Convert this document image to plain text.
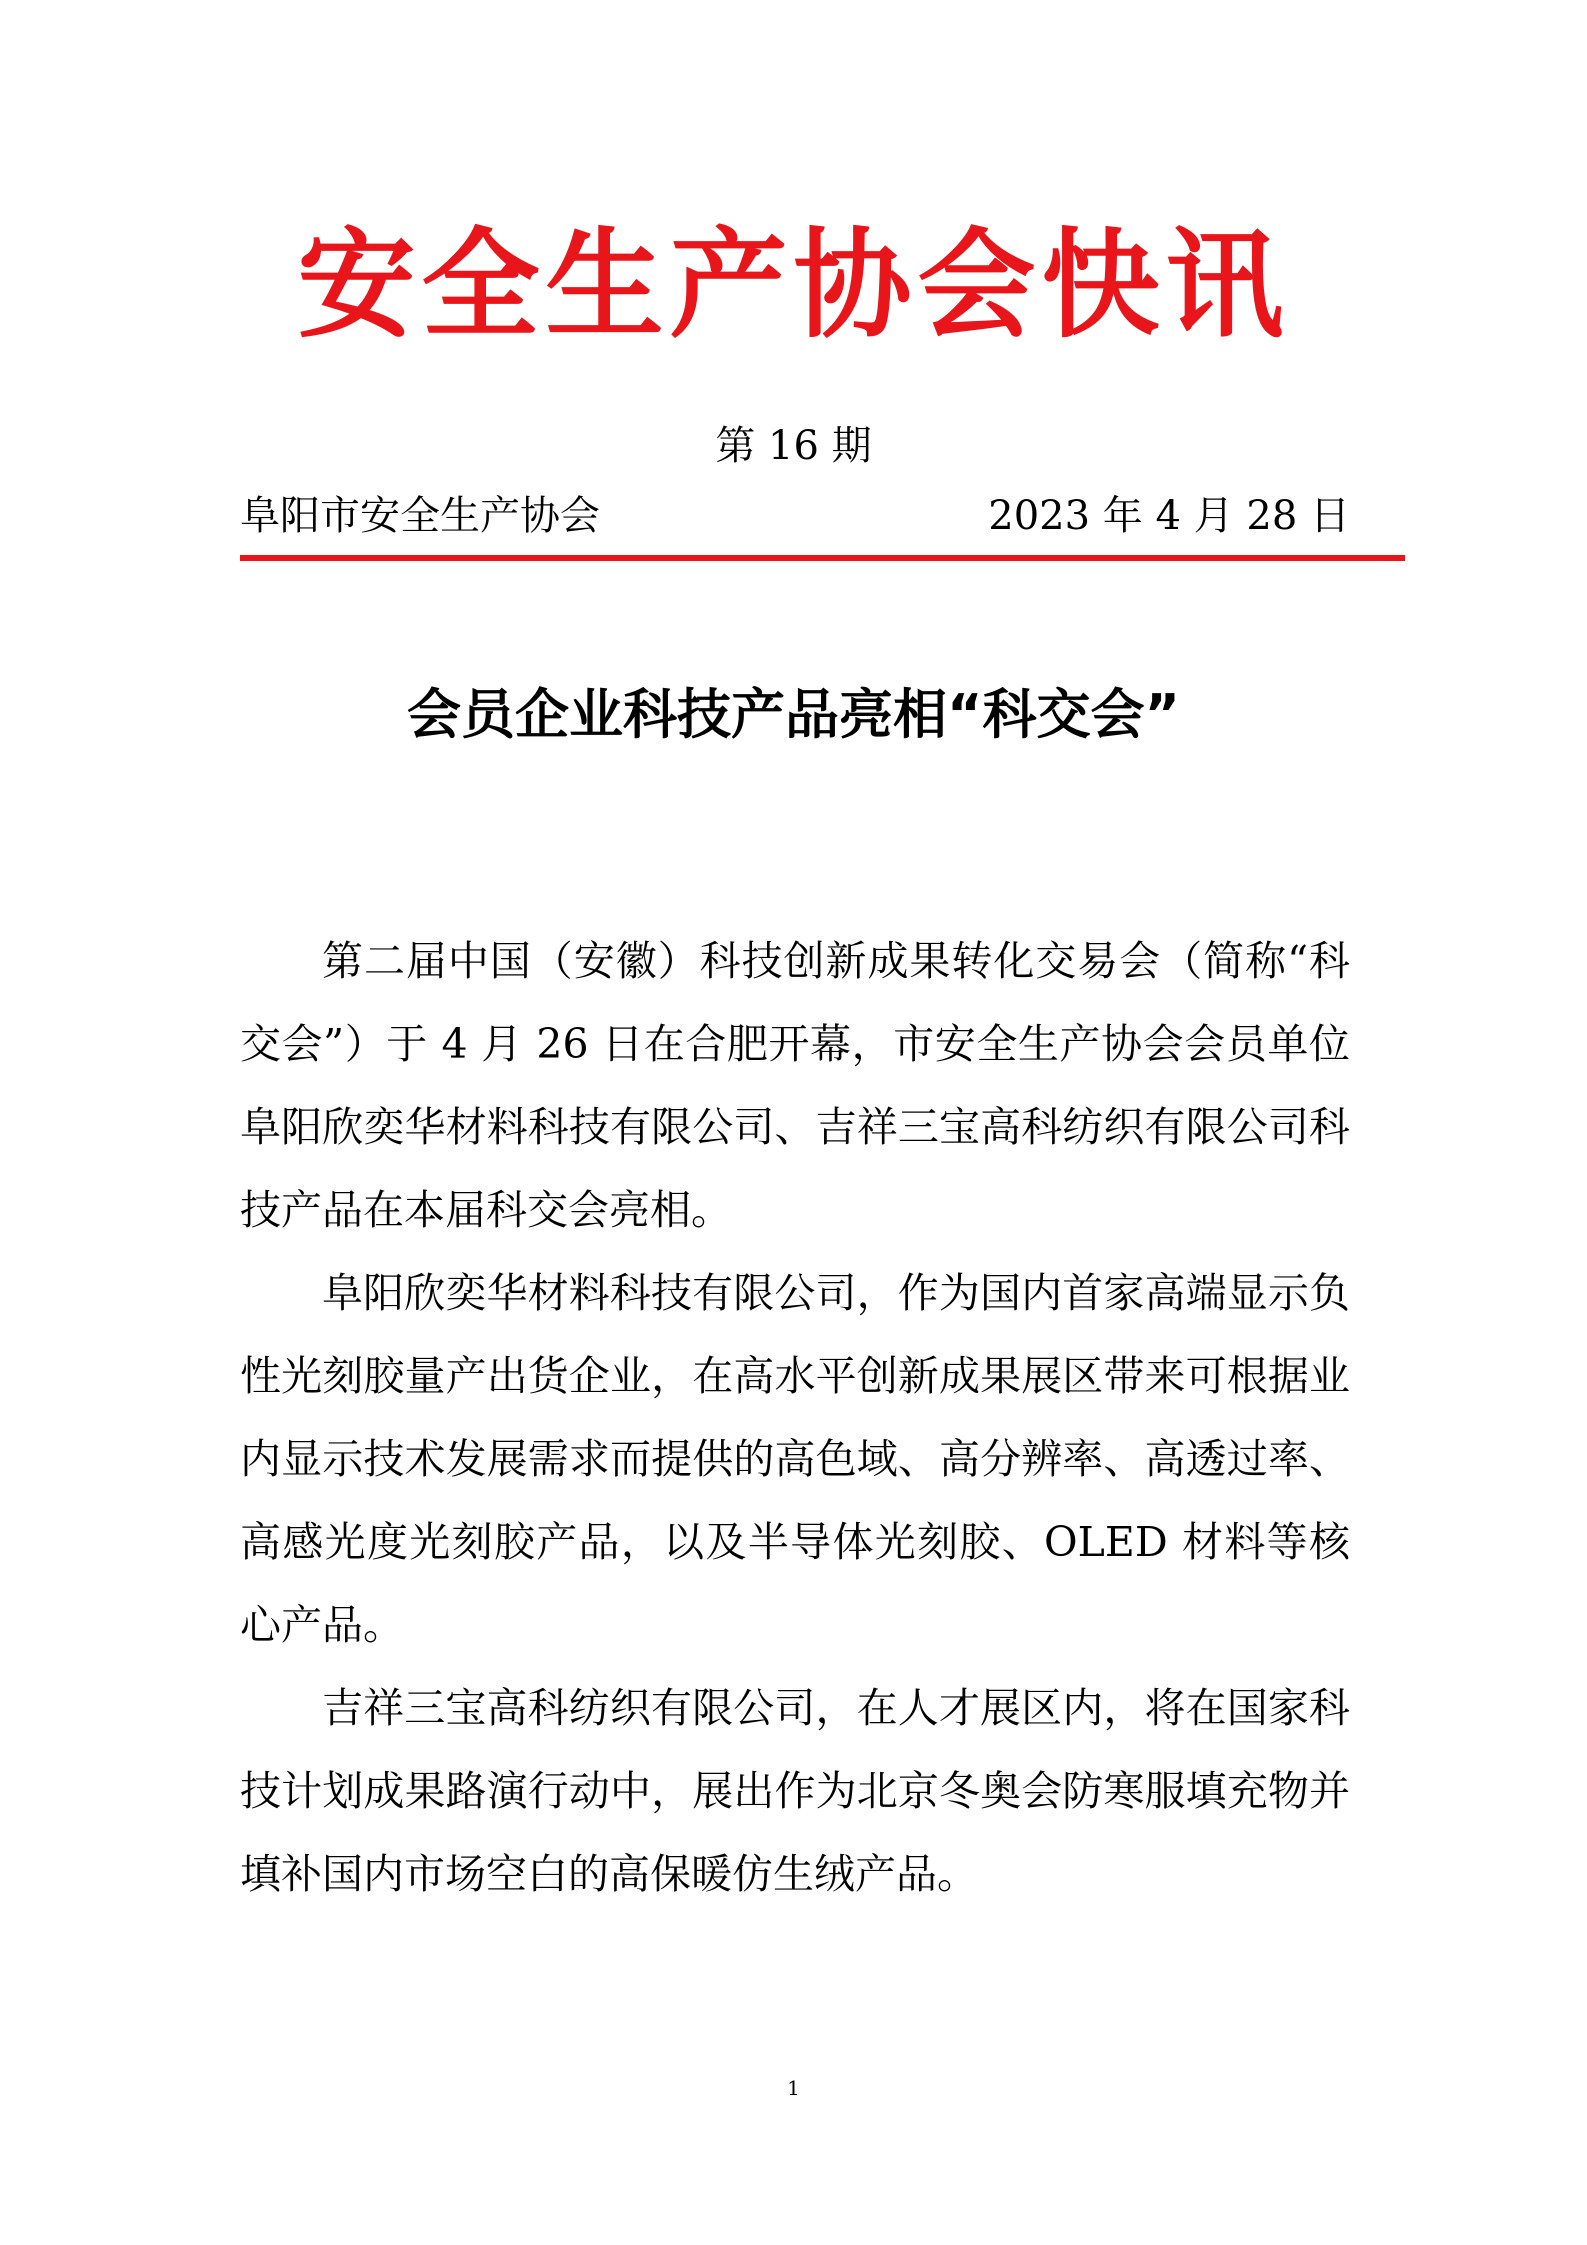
安全生产协会快讯
第 16 期
阜阳市安全生产协会	2023 年 4 月 28 日
会员企业科技产品亮相“科交会”

第二届中国（安徽）科技创新成果转化交易会（简称“科交会”）于 4 月 26 日在合肥开幕，市安全生产协会会员单位阜阳欣奕华材料科技有限公司、吉祥三宝高科纺织有限公司科技产品在本届科交会亮相。

阜阳欣奕华材料科技有限公司，作为国内首家高端显示负性光刻胶量产出货企业，在高水平创新成果展区带来可根据业内显示技术发展需求而提供的高色域、高分辨率、高透过率、高感光度光刻胶产品，以及半导体光刻胶、OLED 材料等核心产品。

吉祥三宝高科纺织有限公司，在人才展区内，将在国家科技计划成果路演行动中，展出作为北京冬奥会防寒服填充物并填补国内市场空白的高保暖仿生绒产品。

1
